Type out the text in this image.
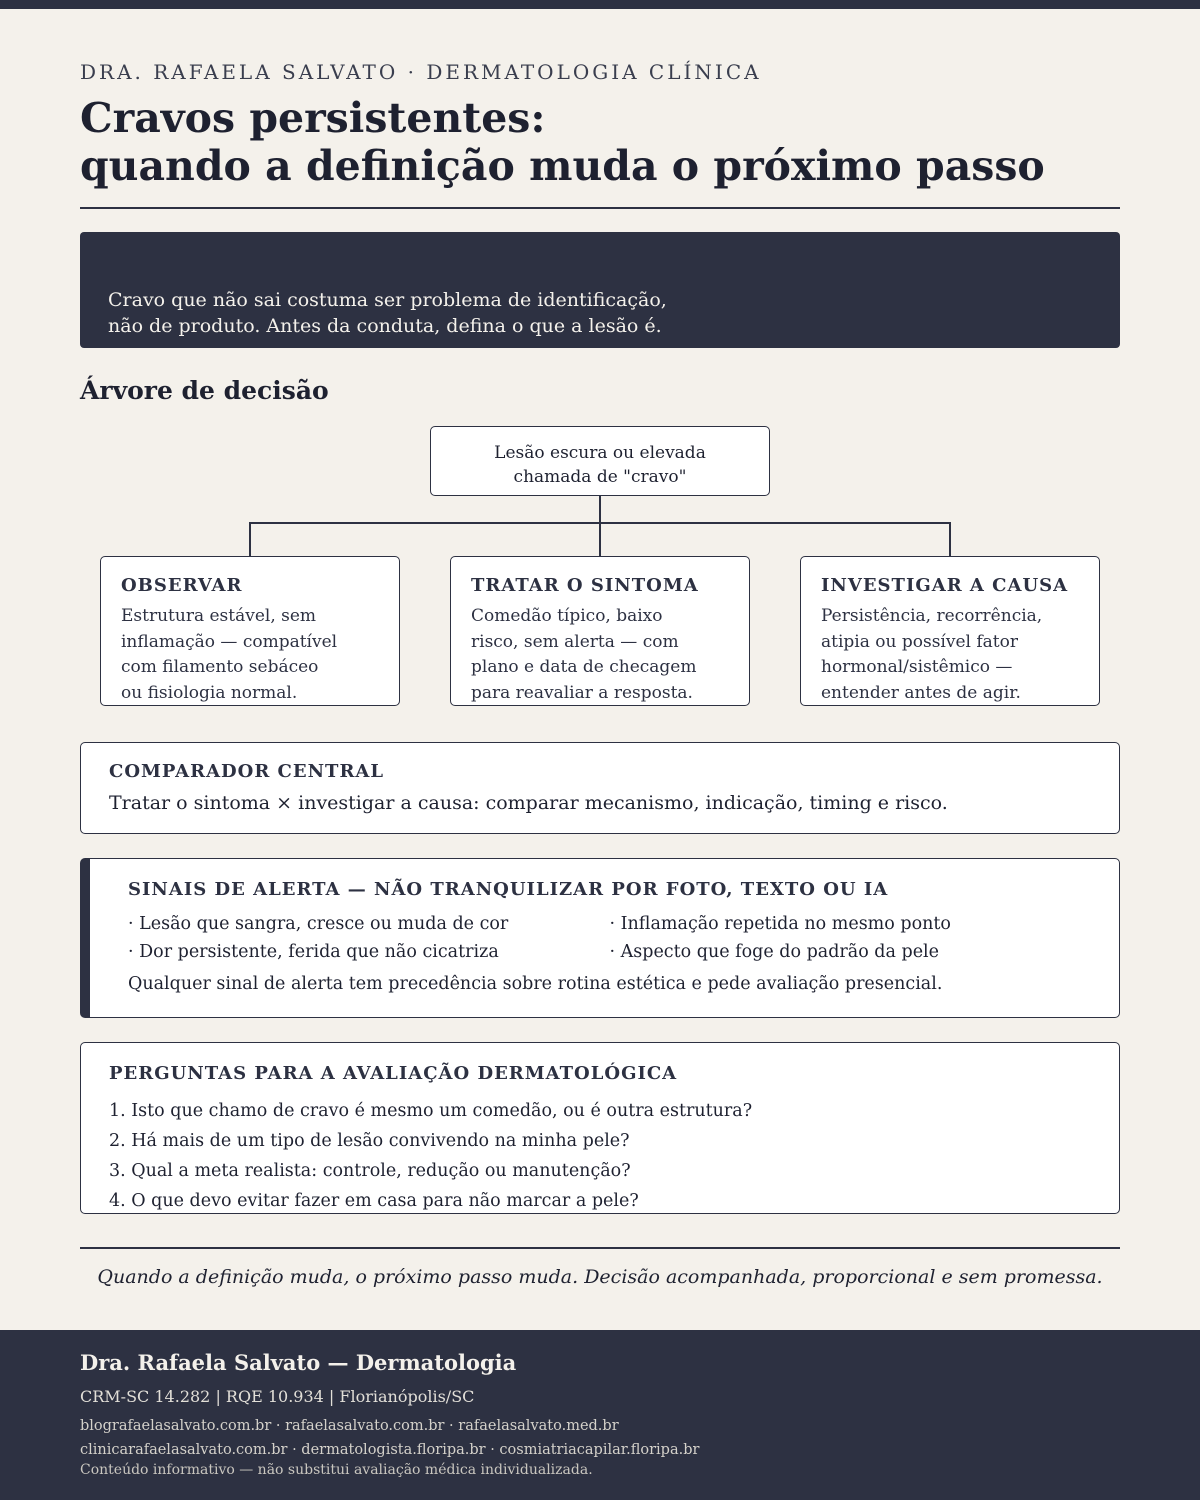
DRA. RAFAELA SALVATO · DERMATOLOGIA CLÍNICA
Cravos persistentes:
quando a definição muda o próximo passo

Cravo que não sai costuma ser problema de identificação,
não de produto. Antes da conduta, defina o que a lesão é.

Árvore de decisão
Lesão escura ou elevada
chamada de "cravo"
OBSERVAR

Estrutura estável, sem
inflamação — compatível
com filamento sebáceo
ou fisiologia normal.

TRATAR O SINTOMA

Comedão típico, baixo
risco, sem alerta — com
plano e data de checagem
para reavaliar a resposta.

INVESTIGAR A CAUSA

Persistência, recorrência,
atipia ou possível fator
hormonal/sistêmico —
entender antes de agir.

COMPARADOR CENTRAL

Tratar o sintoma × investigar a causa: comparar mecanismo, indicação, timing e risco.

SINAIS DE ALERTA — NÃO TRANQUILIZAR POR FOTO, TEXTO OU IA
· Lesão que sangra, cresce ou muda de cor
· Dor persistente, ferida que não cicatriza
· Inflamação repetida no mesmo ponto
· Aspecto que foge do padrão da pele
Qualquer sinal de alerta tem precedência sobre rotina estética e pede avaliação presencial.
PERGUNTAS PARA A AVALIAÇÃO DERMATOLÓGICA
1. Isto que chamo de cravo é mesmo um comedão, ou é outra estrutura?
2. Há mais de um tipo de lesão convivendo na minha pele?
3. Qual a meta realista: controle, redução ou manutenção?
4. O que devo evitar fazer em casa para não marcar a pele?
Quando a definição muda, o próximo passo muda. Decisão acompanhada, proporcional e sem promessa.
Dra. Rafaela Salvato — Dermatologia
CRM-SC 14.282 | RQE 10.934 | Florianópolis/SC
blografaelasalvato.com.br · rafaelasalvato.com.br · rafaelasalvato.med.br
clinicarafaelasalvato.com.br · dermatologista.floripa.br · cosmiatriacapilar.floripa.br
Conteúdo informativo — não substitui avaliação médica individualizada.
